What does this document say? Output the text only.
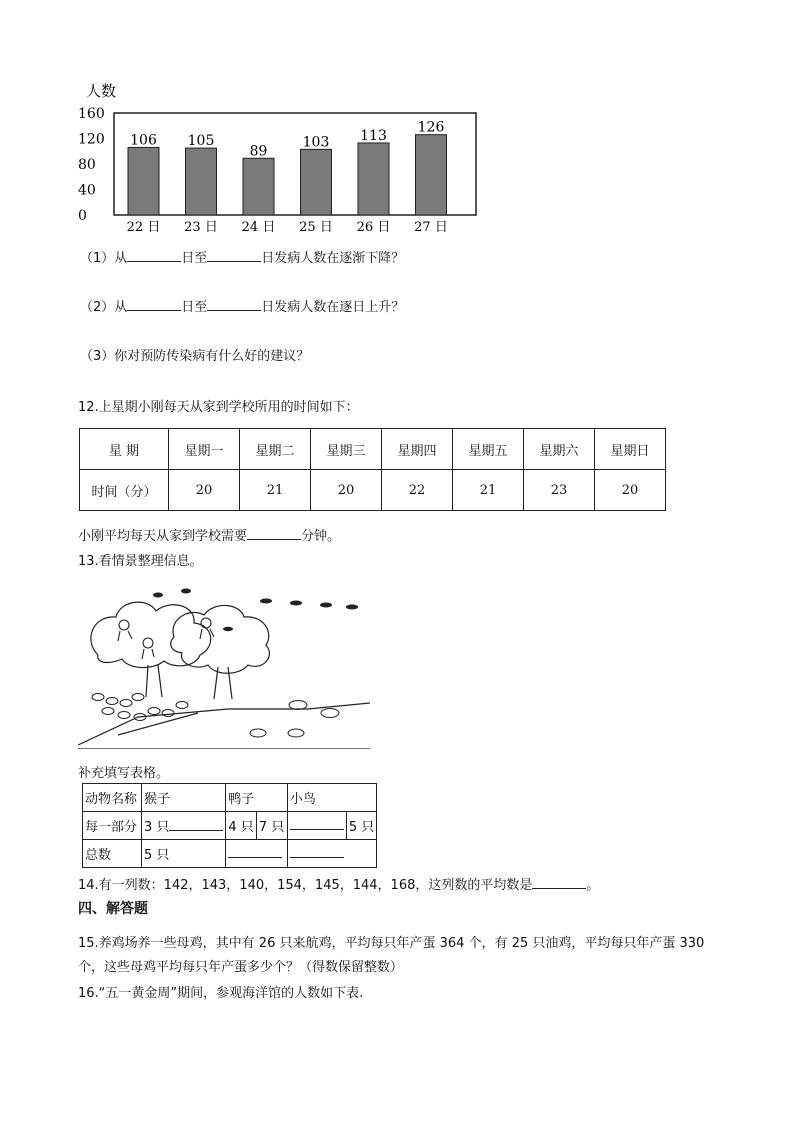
人数
160
120
80
40
0
106
22 日
105
23 日
89
24 日
103
25 日
113
26 日
126
27 日
（1）从	日至	日发病人数在逐渐下降？
（2）从	日至	日发病人数在逐日上升？
（3）你对预防传染病有什么好的建议？
12.上星期小刚每天从家到学校所用的时间如下：
星 期	星期一	星期二	星期三	星期四	星期五	星期六	星期日
时间（分）	20	21	20	22	21	23	20
小刚平均每天从家到学校需要	分钟。
13.看情景整理信息。
补充填写表格。
动物名称	猴子	鸭子		小鸟	
每一部分	3 只	4 只	7 只		5 只
总数	5 只				
14.有一列数：142，143，140，154，145，144，168，这列数的平均数是	。
四、解答题
15.养鸡场养一些母鸡，其中有 26 只来航鸡，平均每只年产蛋 364 个，有 25 只油鸡，平均每只年产蛋 330
个，这些母鸡平均每只年产蛋多少个？（得数保留整数）
16.“五一黄金周”期间，参观海洋馆的人数如下表.
